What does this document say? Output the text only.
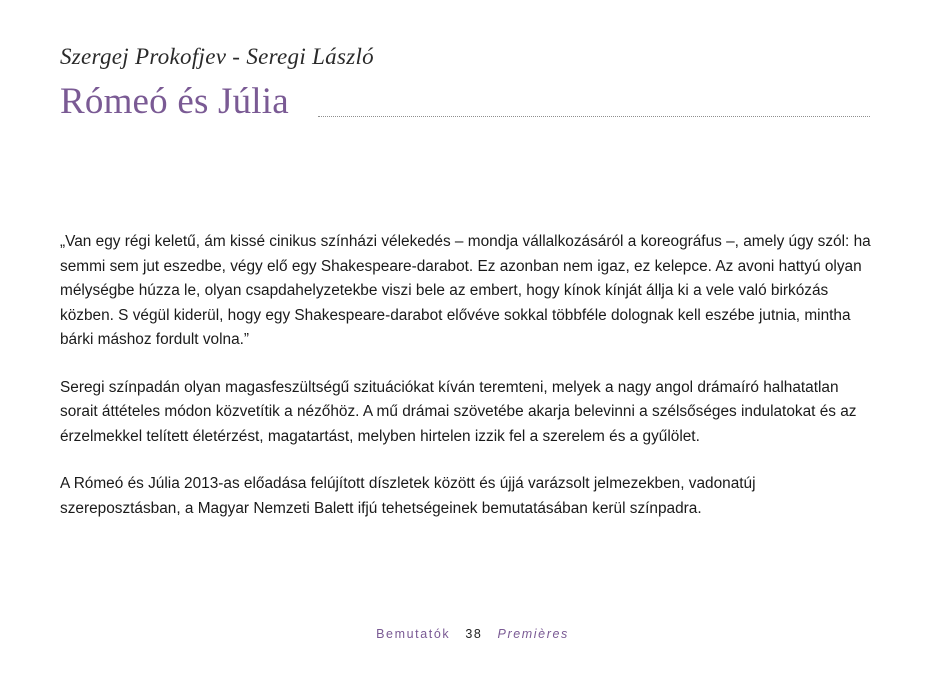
Szergej Prokofjev - Seregi László
Rómeó és Júlia

„Van egy régi keletű, ám kissé cinikus színházi vélekedés – mondja vállalkozásáról a koreográfus –, amely úgy szól: ha semmi sem jut eszedbe, végy elő egy Shakespeare-darabot. Ez azonban nem igaz, ez kelepce. Az avoni hattyú olyan mélységbe húzza le, olyan csapdahelyzetekbe viszi bele az embert, hogy kínok kínját állja ki a vele való birkózás közben. S végül kiderül, hogy egy Shakespeare-darabot elővéve sokkal többféle dolognak kell eszébe jutnia, mintha bárki máshoz fordult volna.”

Seregi színpadán olyan magasfeszültségű szituációkat kíván teremteni, melyek a nagy angol drámaíró halhatatlan sorait áttételes módon közvetítik a nézőhöz. A mű drámai szövetébe akarja belevinni a szélsőséges indulatokat és az érzelmekkel telített életérzést, magatartást, melyben hirtelen izzik fel a szerelem és a gyűlölet.

A Rómeó és Júlia 2013-as előadása felújított díszletek között és újjá varázsolt jelmezekben, vadonatúj szereposztásban, a Magyar Nemzeti Balett ifjú tehetségeinek bemutatásában kerül színpadra.

Bemutatók 38 Premières
